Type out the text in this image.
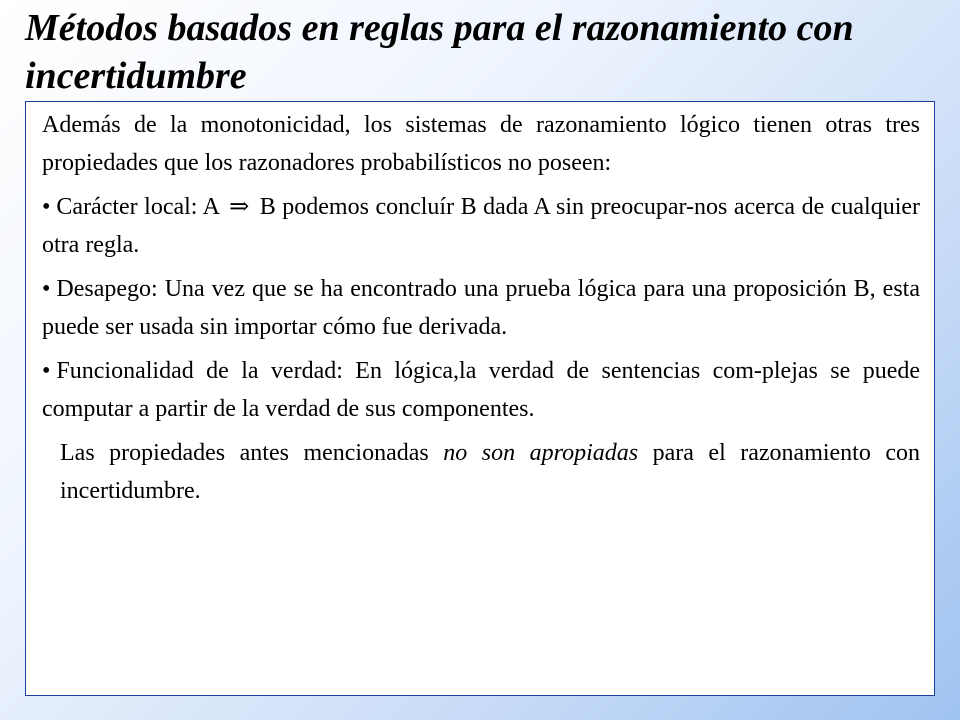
Métodos basados en reglas para el razonamiento con incertidumbre

Además de la monotonicidad, los sistemas de razonamiento lógico tienen otras tres propiedades que los razonadores probabilísticos no poseen:

• Carácter local: A ⇒ B podemos concluír B dada A sin preocupar-nos acerca de cualquier otra regla.

• Desapego: Una vez que se ha encontrado una prueba lógica para una proposición B, esta puede ser usada sin importar cómo fue derivada.

• Funcionalidad de la verdad: En lógica,la verdad de sentencias com-plejas se puede computar a partir de la verdad de sus componentes.

Las propiedades antes mencionadas no son apropiadas para el razonamiento con incertidumbre.
